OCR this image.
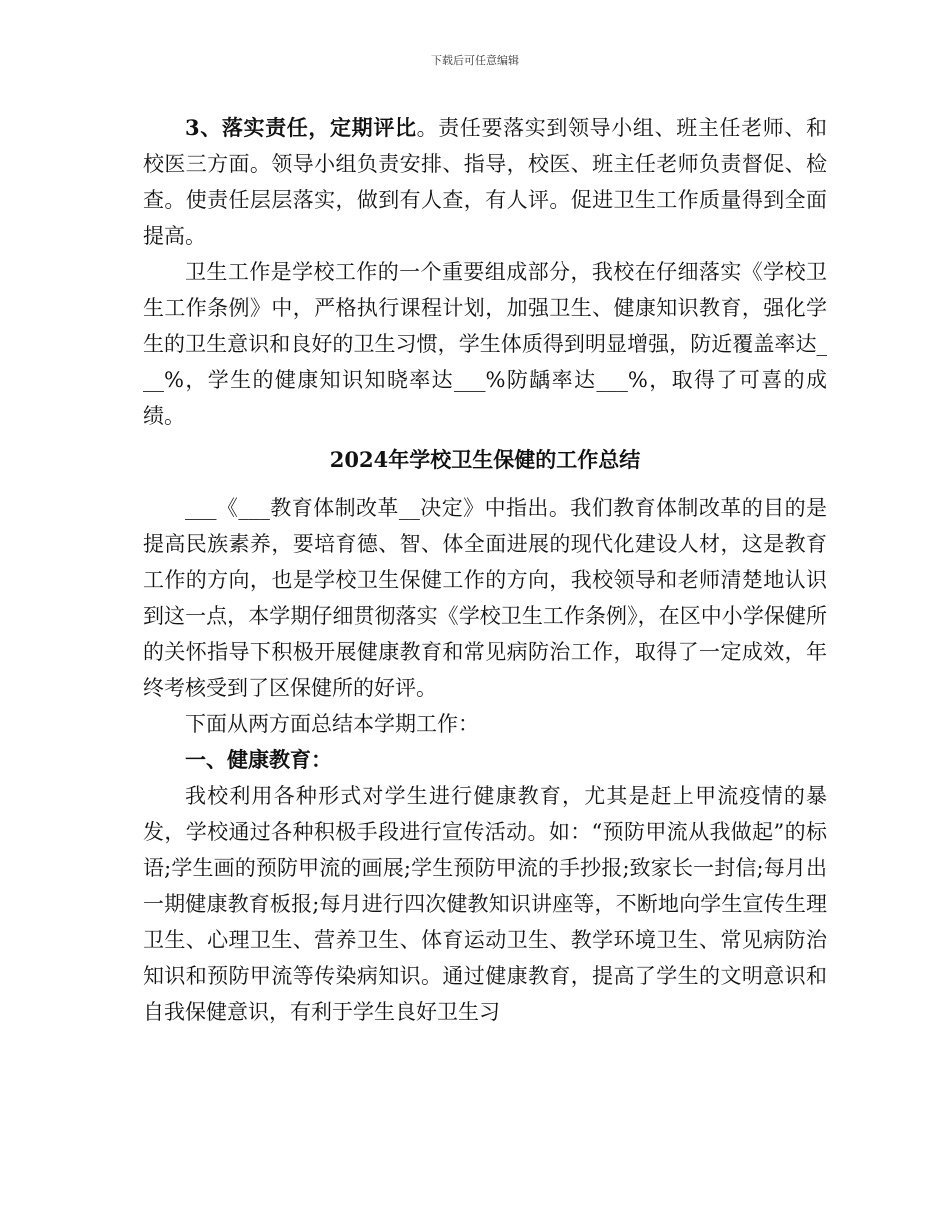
下载后可任意编辑

3、落实责任，定期评比。责任要落实到领导小组、班主任老师、和校医三方面。领导小组负责安排、指导，校医、班主任老师负责督促、检查。使责任层层落实，做到有人查，有人评。促进卫生工作质量得到全面提高。

卫生工作是学校工作的一个重要组成部分，我校在仔细落实《学校卫生工作条例》中，严格执行课程计划，加强卫生、健康知识教育，强化学生的卫生意识和良好的卫生习惯，学生体质得到明显增强，防近覆盖率达___%，学生的健康知识知晓率达___%防龋率达___%，取得了可喜的成绩。

2024年学校卫生保健的工作总结

___《___教育体制改革__决定》中指出。我们教育体制改革的目的是提高民族素养，要培育德、智、体全面进展的现代化建设人材，这是教育工作的方向，也是学校卫生保健工作的方向，我校领导和老师清楚地认识到这一点，本学期仔细贯彻落实《学校卫生工作条例》，在区中小学保健所的关怀指导下积极开展健康教育和常见病防治工作，取得了一定成效，年终考核受到了区保健所的好评。

下面从两方面总结本学期工作：

一、健康教育：

我校利用各种形式对学生进行健康教育，尤其是赶上甲流疫情的暴发，学校通过各种积极手段进行宣传活动。如：“预防甲流从我做起”的标语;学生画的预防甲流的画展;学生预防甲流的手抄报;致家长一封信;每月出一期健康教育板报;每月进行四次健教知识讲座等，不断地向学生宣传生理卫生、心理卫生、营养卫生、体育运动卫生、教学环境卫生、常见病防治知识和预防甲流等传染病知识。通过健康教育，提高了学生的文明意识和自我保健意识，有利于学生良好卫生习
